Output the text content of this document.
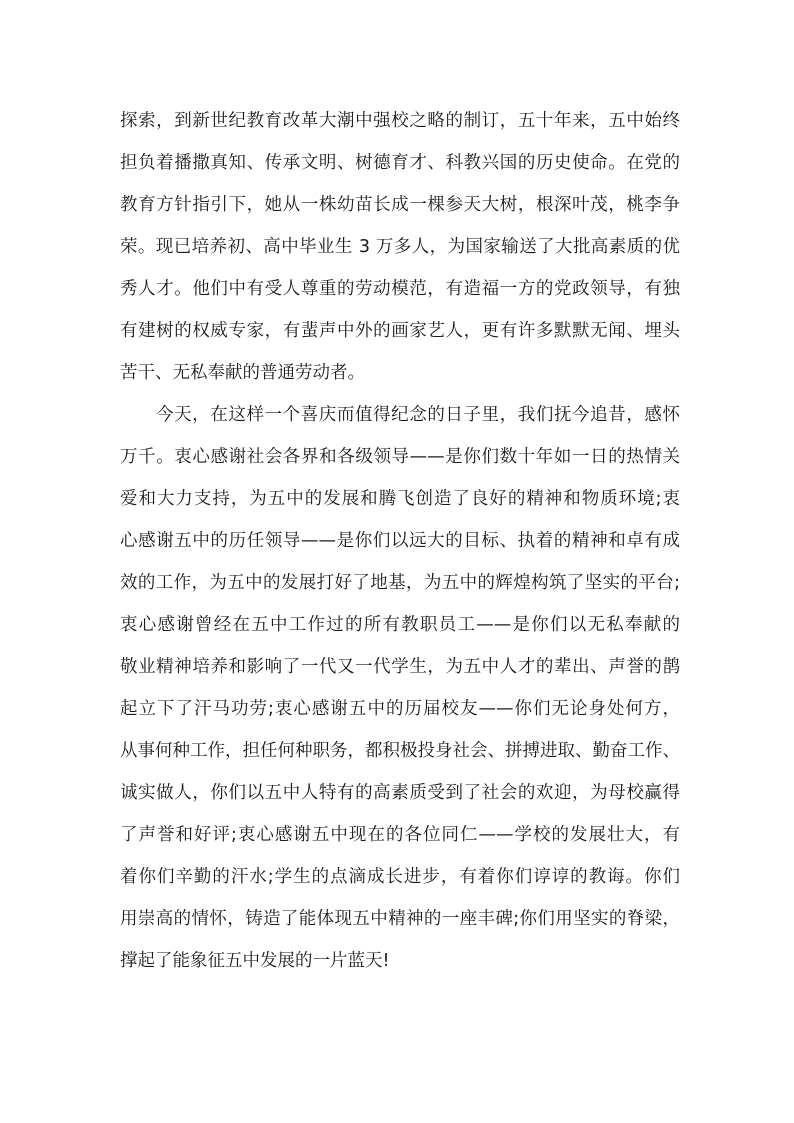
探索，到新世纪教育改革大潮中强校之略的制订，五十年来，五中始终
担负着播撒真知、传承文明、树德育才、科教兴国的历史使命。在党的
教育方针指引下，她从一株幼苗长成一棵参天大树，根深叶茂，桃李争
荣。现已培养初、高中毕业生 3 万多人，为国家输送了大批高素质的优
秀人才。他们中有受人尊重的劳动模范，有造福一方的党政领导，有独
有建树的权威专家，有蜚声中外的画家艺人，更有许多默默无闻、埋头
苦干、无私奉献的普通劳动者。
今天，在这样一个喜庆而值得纪念的日子里，我们抚今追昔，感怀
万千。衷心感谢社会各界和各级领导——是你们数十年如一日的热情关
爱和大力支持，为五中的发展和腾飞创造了良好的精神和物质环境;衷
心感谢五中的历任领导——是你们以远大的目标、执着的精神和卓有成
效的工作，为五中的发展打好了地基，为五中的辉煌构筑了坚实的平台;
衷心感谢曾经在五中工作过的所有教职员工——是你们以无私奉献的
敬业精神培养和影响了一代又一代学生，为五中人才的辈出、声誉的鹊
起立下了汗马功劳;衷心感谢五中的历届校友——你们无论身处何方，
从事何种工作，担任何种职务，都积极投身社会、拼搏进取、勤奋工作、
诚实做人，你们以五中人特有的高素质受到了社会的欢迎，为母校赢得
了声誉和好评;衷心感谢五中现在的各位同仁——学校的发展壮大，有
着你们辛勤的汗水;学生的点滴成长进步，有着你们谆谆的教诲。你们
用崇高的情怀，铸造了能体现五中精神的一座丰碑;你们用坚实的脊梁，
撑起了能象征五中发展的一片蓝天!
